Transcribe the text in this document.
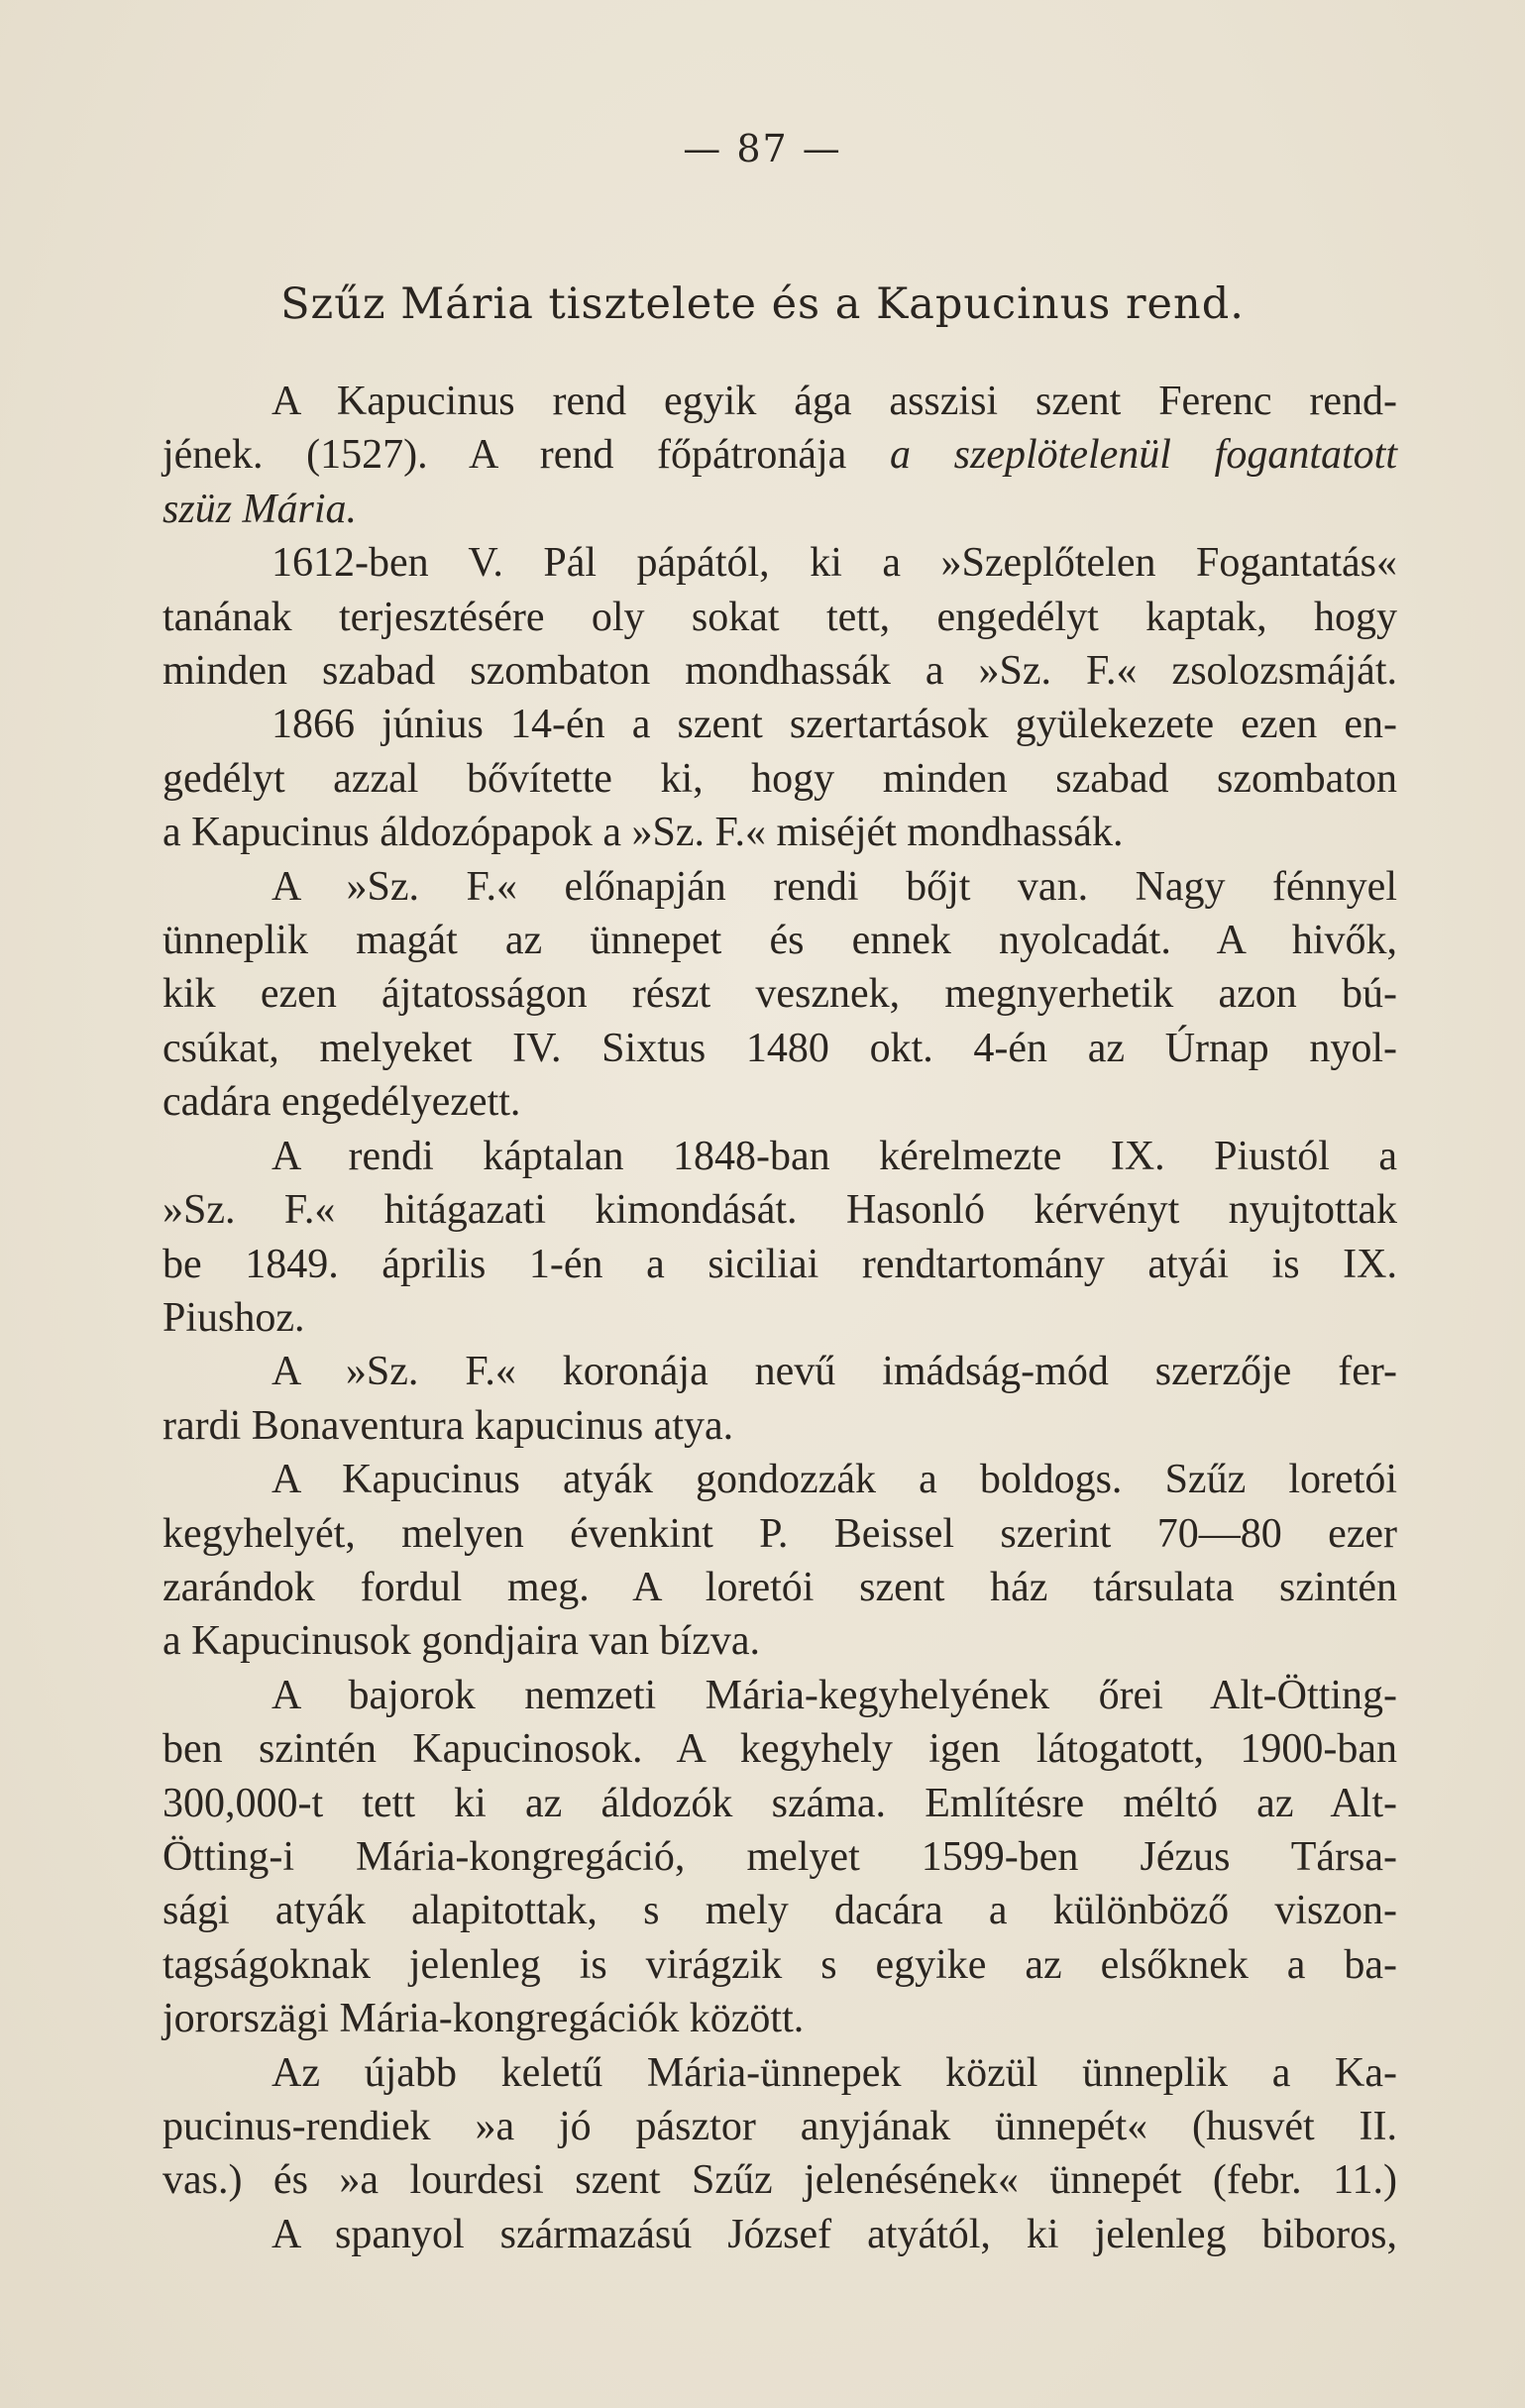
— 87 —
Szűz Mária tisztelete és a Kapucinus rend.
A Kapucinus rend egyik ága asszisi szent Ferenc rend-
jének. (1527). A rend főpátronája a szeplötelenül fogantatott
szüz Mária.
1612-ben V. Pál pápától, ki a »Szeplőtelen Fogantatás«
tanának terjesztésére oly sokat tett, engedélyt kaptak, hogy
minden szabad szombaton mondhassák a »Sz. F.« zsolozsmáját.
1866 június 14-én a szent szertartások gyülekezete ezen en-
gedélyt azzal bővítette ki, hogy minden szabad szombaton
a Kapucinus áldozópapok a »Sz. F.« miséjét mondhassák.
A »Sz. F.« előnapján rendi bőjt van. Nagy fénnyel
ünneplik magát az ünnepet és ennek nyolcadát. A hivők,
kik ezen ájtatosságon részt vesznek, megnyerhetik azon bú-
csúkat, melyeket IV. Sixtus 1480 okt. 4-én az Úrnap nyol-
cadára engedélyezett.
A rendi káptalan 1848-ban kérelmezte IX. Piustól a
»Sz. F.« hitágazati kimondását. Hasonló kérvényt nyujtottak
be 1849. április 1-én a siciliai rendtartomány atyái is IX.
Piushoz.
A »Sz. F.« koronája nevű imádság-mód szerzője fer-
rardi Bonaventura kapucinus atya.
A Kapucinus atyák gondozzák a boldogs. Szűz loretói
kegyhelyét, melyen évenkint P. Beissel szerint 70—80 ezer
zarándok fordul meg. A loretói szent ház társulata szintén
a Kapucinusok gondjaira van bízva.
A bajorok nemzeti Mária-kegyhelyének őrei Alt-Ötting-
ben szintén Kapucinosok. A kegyhely igen látogatott, 1900-ban
300,000-t tett ki az áldozók száma. Említésre méltó az Alt-
Ötting-i Mária-kongregáció, melyet 1599-ben Jézus Társa-
sági atyák alapitottak, s mely dacára a különböző viszon-
tagságoknak jelenleg is virágzik s egyike az elsőknek a ba-
jororszägi Mária-kongregációk között.
Az újabb keletű Mária-ünnepek közül ünneplik a Ka-
pucinus-rendiek »a jó pásztor anyjának ünnepét« (husvét II.
vas.) és »a lourdesi szent Szűz jelenésének« ünnepét (febr. 11.)
A spanyol származású József atyától, ki jelenleg biboros,
